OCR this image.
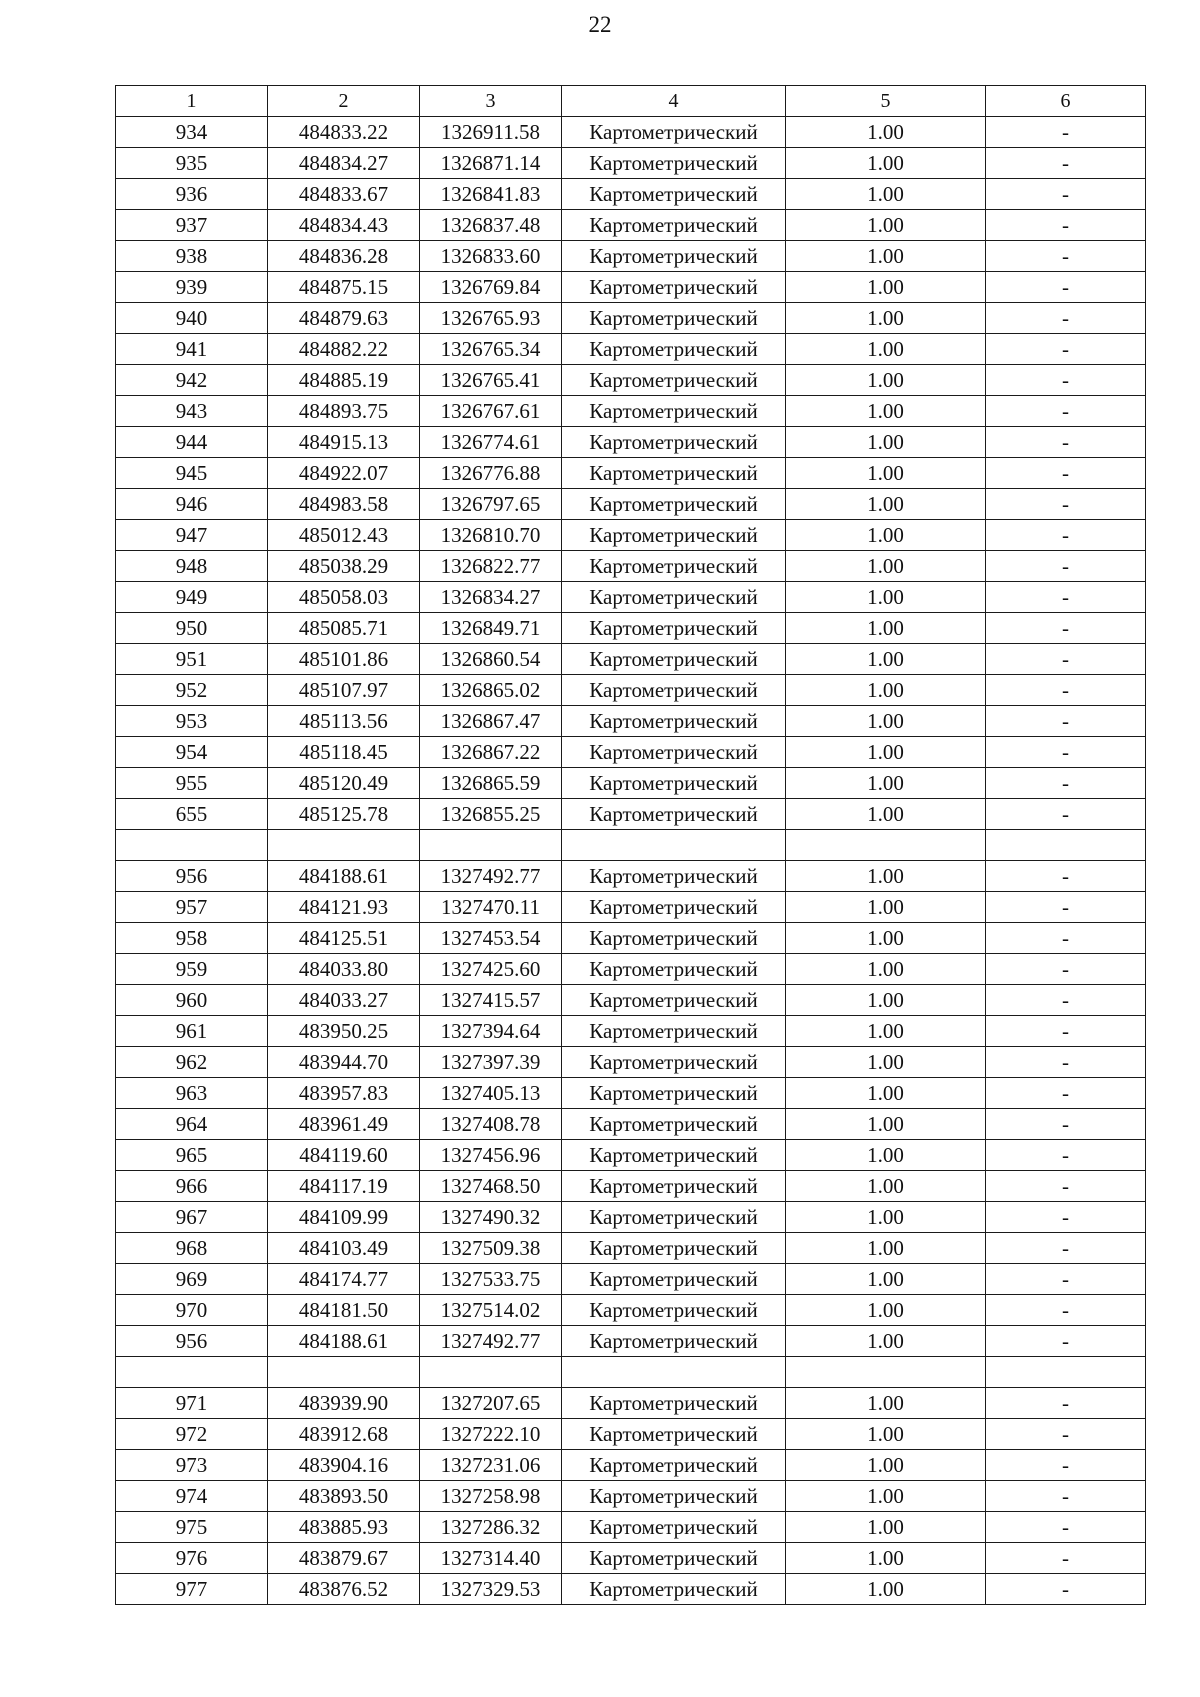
22
1	2	3	4	5	6
934	484833.22	1326911.58	Картометрический	1.00	-
935	484834.27	1326871.14	Картометрический	1.00	-
936	484833.67	1326841.83	Картометрический	1.00	-
937	484834.43	1326837.48	Картометрический	1.00	-
938	484836.28	1326833.60	Картометрический	1.00	-
939	484875.15	1326769.84	Картометрический	1.00	-
940	484879.63	1326765.93	Картометрический	1.00	-
941	484882.22	1326765.34	Картометрический	1.00	-
942	484885.19	1326765.41	Картометрический	1.00	-
943	484893.75	1326767.61	Картометрический	1.00	-
944	484915.13	1326774.61	Картометрический	1.00	-
945	484922.07	1326776.88	Картометрический	1.00	-
946	484983.58	1326797.65	Картометрический	1.00	-
947	485012.43	1326810.70	Картометрический	1.00	-
948	485038.29	1326822.77	Картометрический	1.00	-
949	485058.03	1326834.27	Картометрический	1.00	-
950	485085.71	1326849.71	Картометрический	1.00	-
951	485101.86	1326860.54	Картометрический	1.00	-
952	485107.97	1326865.02	Картометрический	1.00	-
953	485113.56	1326867.47	Картометрический	1.00	-
954	485118.45	1326867.22	Картометрический	1.00	-
955	485120.49	1326865.59	Картометрический	1.00	-
655	485125.78	1326855.25	Картометрический	1.00	-

956	484188.61	1327492.77	Картометрический	1.00	-
957	484121.93	1327470.11	Картометрический	1.00	-
958	484125.51	1327453.54	Картометрический	1.00	-
959	484033.80	1327425.60	Картометрический	1.00	-
960	484033.27	1327415.57	Картометрический	1.00	-
961	483950.25	1327394.64	Картометрический	1.00	-
962	483944.70	1327397.39	Картометрический	1.00	-
963	483957.83	1327405.13	Картометрический	1.00	-
964	483961.49	1327408.78	Картометрический	1.00	-
965	484119.60	1327456.96	Картометрический	1.00	-
966	484117.19	1327468.50	Картометрический	1.00	-
967	484109.99	1327490.32	Картометрический	1.00	-
968	484103.49	1327509.38	Картометрический	1.00	-
969	484174.77	1327533.75	Картометрический	1.00	-
970	484181.50	1327514.02	Картометрический	1.00	-
956	484188.61	1327492.77	Картометрический	1.00	-

971	483939.90	1327207.65	Картометрический	1.00	-
972	483912.68	1327222.10	Картометрический	1.00	-
973	483904.16	1327231.06	Картометрический	1.00	-
974	483893.50	1327258.98	Картометрический	1.00	-
975	483885.93	1327286.32	Картометрический	1.00	-
976	483879.67	1327314.40	Картометрический	1.00	-
977	483876.52	1327329.53	Картометрический	1.00	-
